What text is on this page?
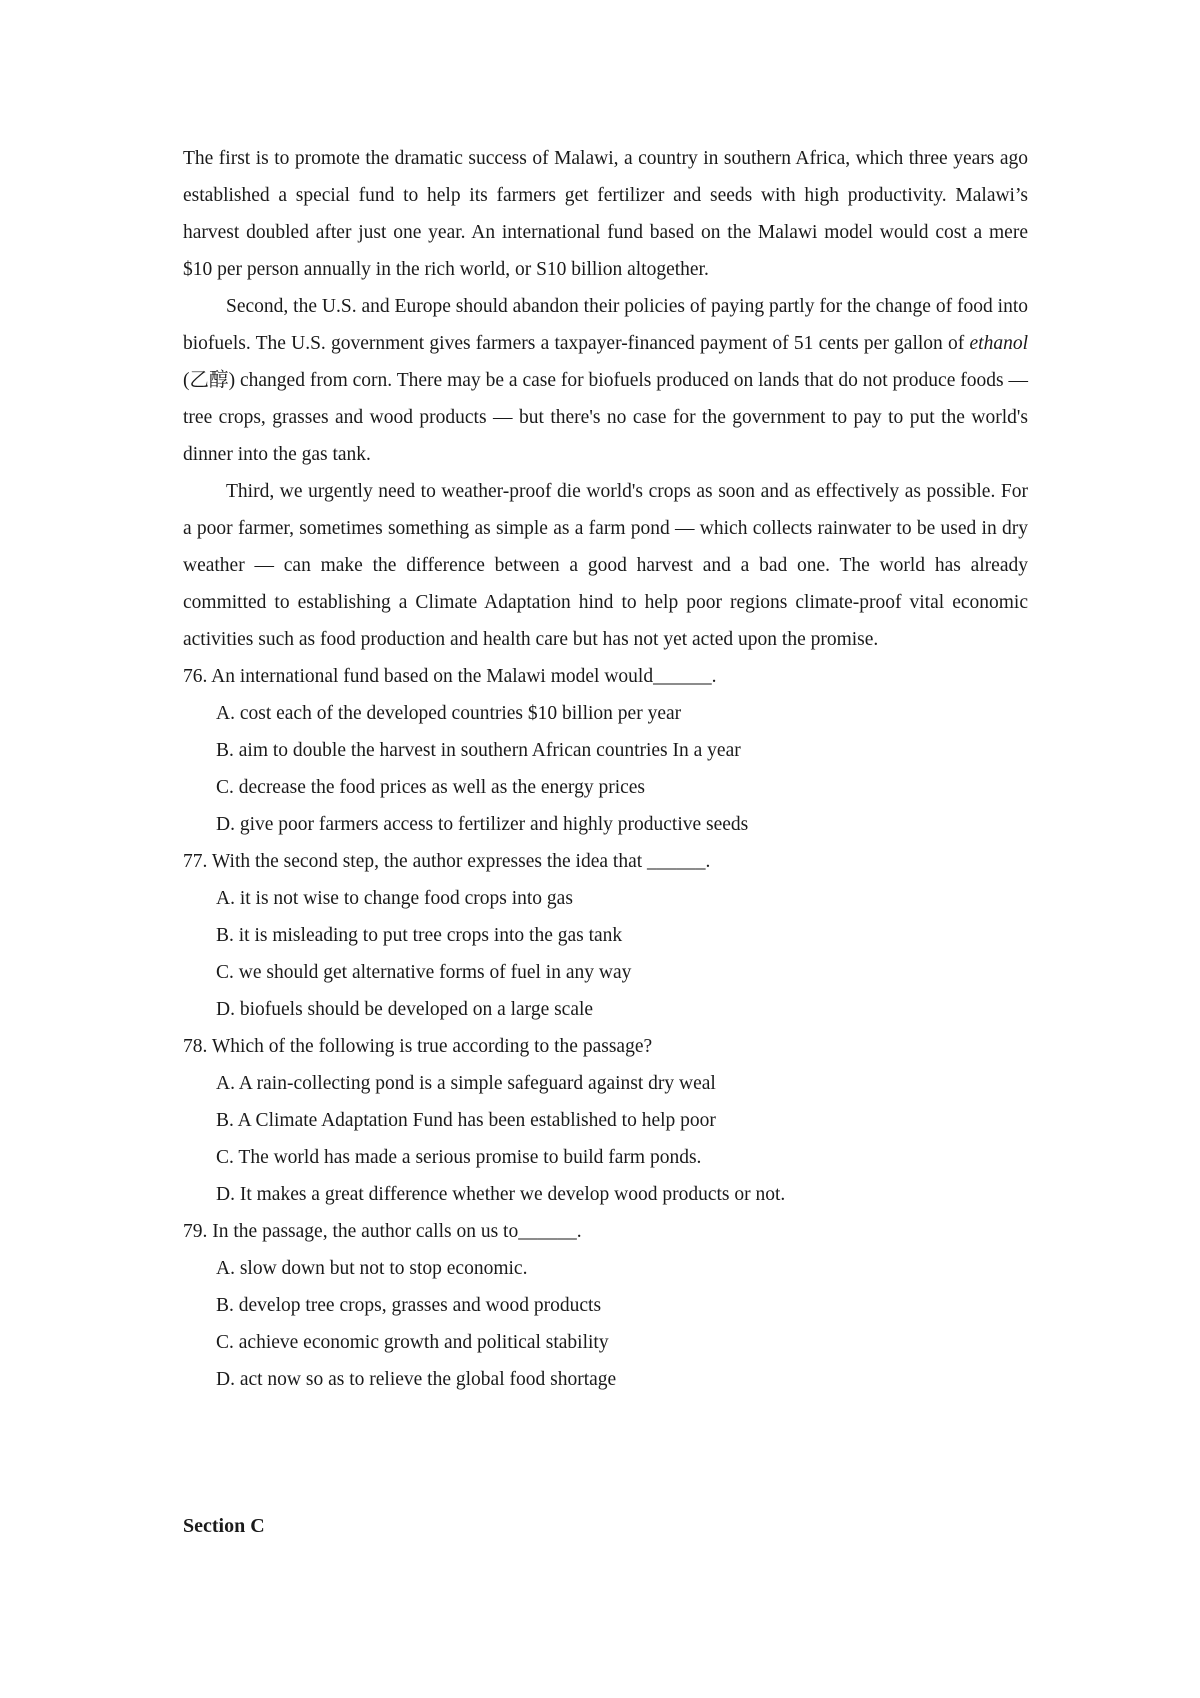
The first is to promote the dramatic success of Malawi, a country in southern Africa, which three years ago established a special fund to help its farmers get fertilizer and seeds with high productivity. Malawi’s harvest doubled after just one year. An international fund based on the Malawi model would cost a mere $10 per person annually in the rich world, or S10 billion altogether.

Second, the U.S. and Europe should abandon their policies of paying partly for the change of food into biofuels. The U.S. government gives farmers a taxpayer-financed payment of 51 cents per gallon of ethanol (乙醇) changed from corn. There may be a case for biofuels produced on lands that do not produce foods — tree crops, grasses and wood products — but there's no case for the government to pay to put the world's dinner into the gas tank.

Third, we urgently need to weather-proof die world's crops as soon and as effectively as possible. For a poor farmer, sometimes something as simple as a farm pond — which collects rainwater to be used in dry weather — can make the difference between a good harvest and a bad one. The world has already committed to establishing a Climate Adaptation hind to help poor regions climate-proof vital economic activities such as food production and health care but has not yet acted upon the promise.

76. An international fund based on the Malawi model would______.

A. cost each of the developed countries $10 billion per year

B. aim to double the harvest in southern African countries In a year

C. decrease the food prices as well as the energy prices

D. give poor farmers access to fertilizer and highly productive seeds

77. With the second step, the author expresses the idea that ______.

A. it is not wise to change food crops into gas

B. it is misleading to put tree crops into the gas tank

C. we should get alternative forms of fuel in any way

D. biofuels should be developed on a large scale

78. Which of the following is true according to the passage?

A. A rain-collecting pond is a simple safeguard against dry weal

B. A Climate Adaptation Fund has been established to help poor

C. The world has made a serious promise to build farm ponds.

D. It makes a great difference whether we develop wood products or not.

79. In the passage, the author calls on us to______.

A. slow down but not to stop economic.

B. develop tree crops, grasses and wood products

C. achieve economic growth and political stability

D. act now so as to relieve the global food shortage

Section C
